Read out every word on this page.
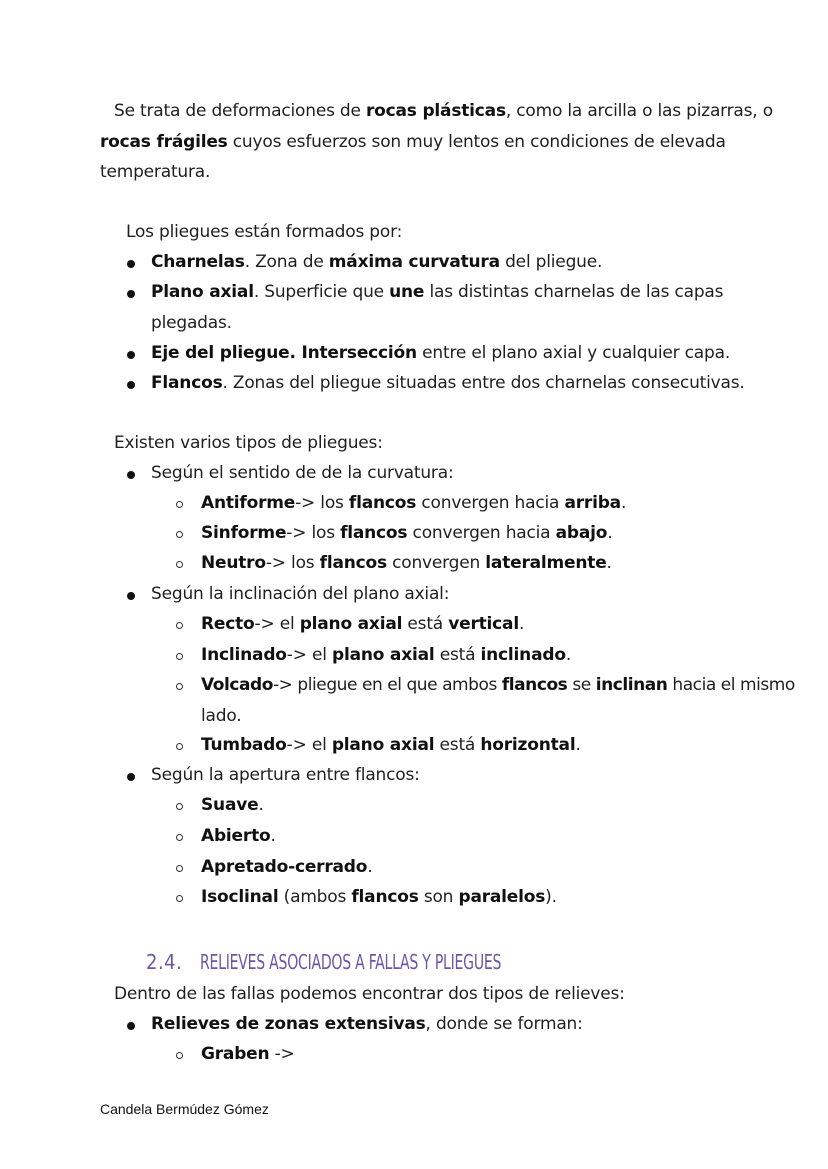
Se trata de deformaciones de rocas plásticas, como la arcilla o las pizarras, o
rocas frágiles cuyos esfuerzos son muy lentos en condiciones de elevada
temperatura.
Los pliegues están formados por:
Charnelas. Zona de máxima curvatura del pliegue.
Plano axial. Superficie que une las distintas charnelas de las capas
plegadas.
Eje del pliegue. Intersección entre el plano axial y cualquier capa.
Flancos. Zonas del pliegue situadas entre dos charnelas consecutivas.
Existen varios tipos de pliegues:
Según el sentido de de la curvatura:
Antiforme-> los flancos convergen hacia arriba.
Sinforme-> los flancos convergen hacia abajo.
Neutro-> los flancos convergen lateralmente.
Según la inclinación del plano axial:
Recto-> el plano axial está vertical.
Inclinado-> el plano axial está inclinado.
Volcado-> pliegue en el que ambos flancos se inclinan hacia el mismo
lado.
Tumbado-> el plano axial está horizontal.
Según la apertura entre flancos:
Suave.
Abierto.
Apretado-cerrado.
Isoclinal (ambos flancos son paralelos).
2.4. RELIEVES ASOCIADOS A FALLAS Y PLIEGUES
Dentro de las fallas podemos encontrar dos tipos de relieves:
Relieves de zonas extensivas, donde se forman:
Graben ->
Candela Bermúdez Gómez
